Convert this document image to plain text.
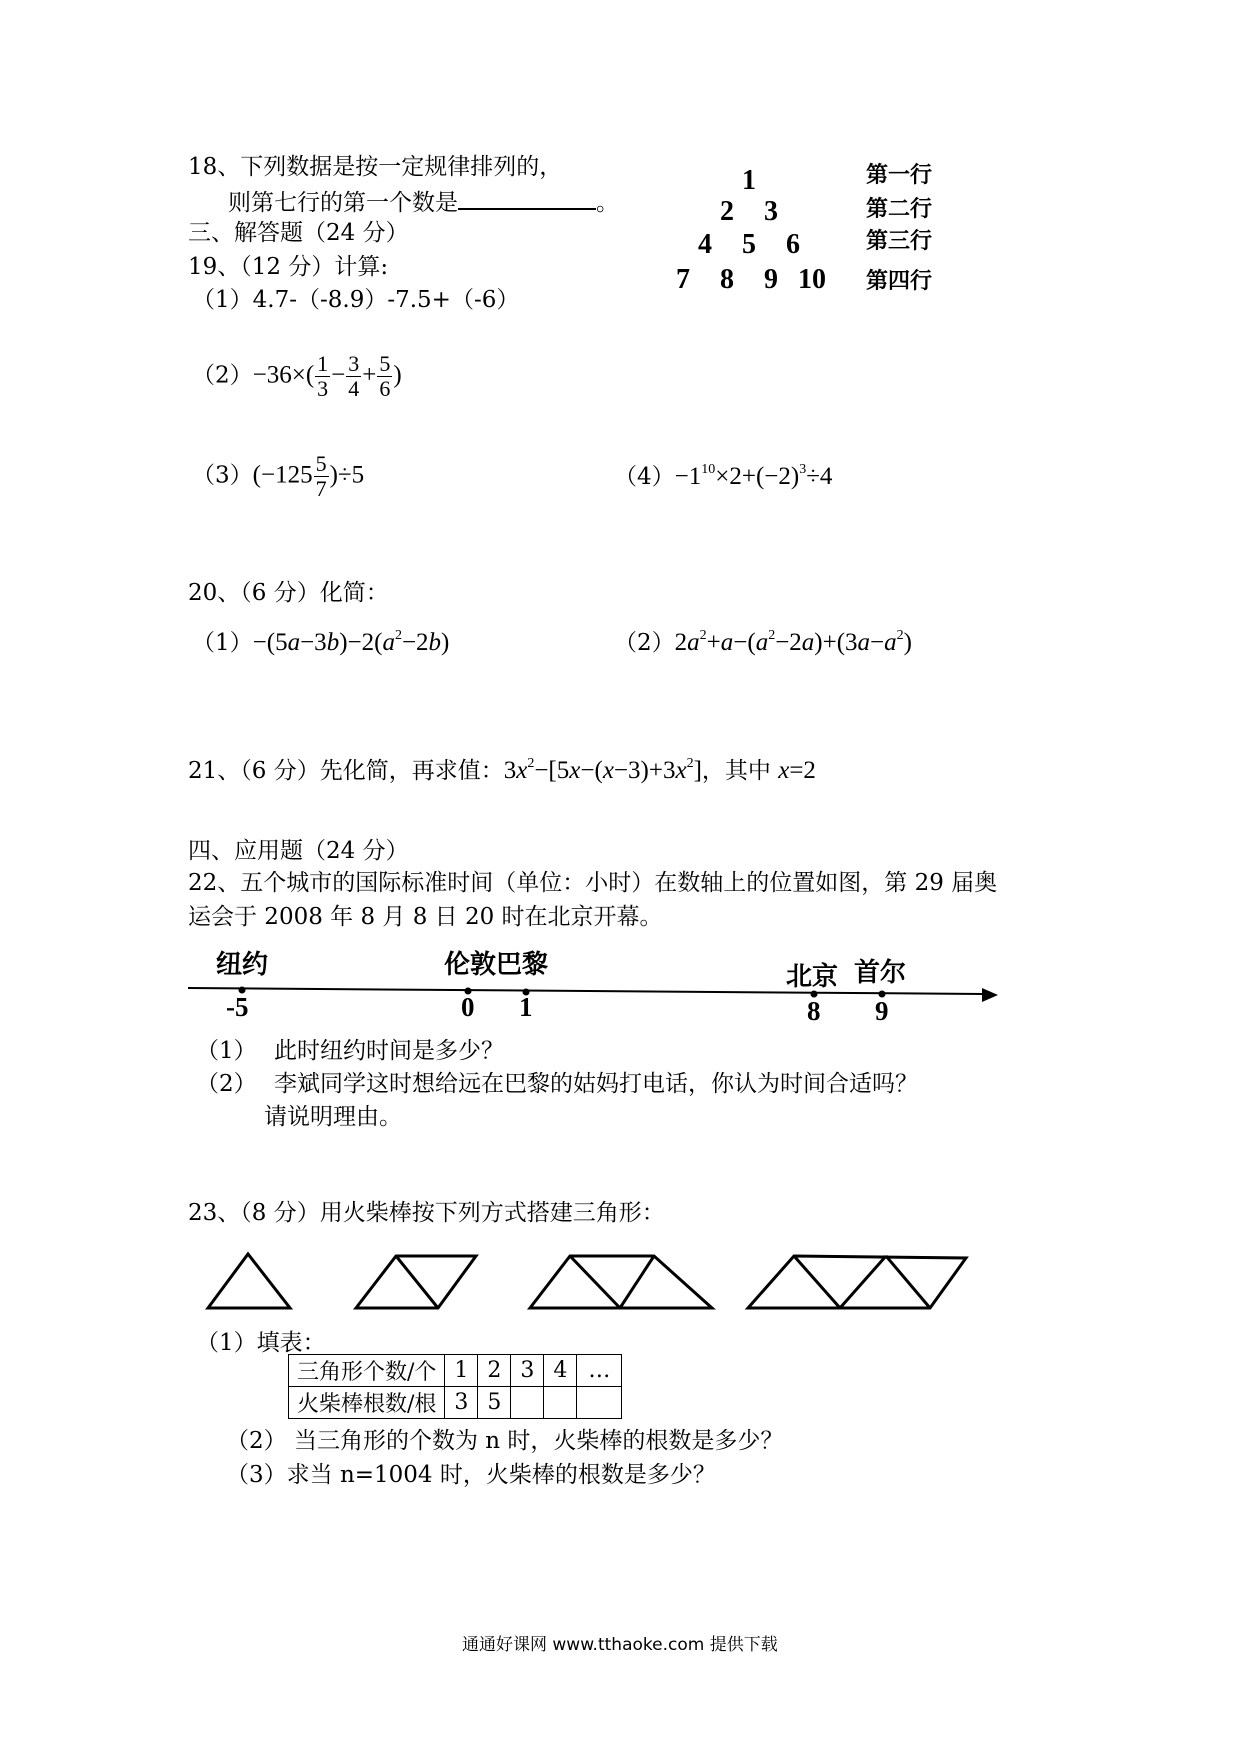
18、下列数据是按一定规律排列的，
则第七行的第一个数是	。
1
2 3
4 5 6
7 8 9 10
第一行
第二行
第三行
第四行
三、解答题（24 分）
19、（12 分）计算:
（1）4.7-（-8.9）-7.5+（-6）
$(2)-36\times( \frac{1}{3} - \frac{3}{4} + \frac{5}{6}$ )
$(3)(-125 \frac{5}{7} )\div 5$	$(4)-1^{10}\times 2+(-2)^3\div 4$
20、（6 分）化简：
$(1)-(5a-3b)-2(a^2-2b)$	$(2)2a^2+a-(a^2-2a)+(3a-a^2)$
21、（6 分）先化简，再求值：$3x^2-[5x-(x-3)+3x^2]$，其中 x=2
四、应用题（24 分）
22、五个城市的国际标准时间（单位：小时）在数轴上的位置如图，第 29 届奥
运会于 2008 年 8 月 8 日 20 时在北京开幕。
纽约	伦敦巴黎	北京 首尔
-5	0 1	8 9
（1） 此时纽约时间是多少？
（2） 李斌同学这时想给远在巴黎的姑妈打电话，你认为时间合适吗？
请说明理由。
23、（8 分）用火柴棒按下列方式搭建三角形：
（1）填表：
三角形个数/个	1	2	3	4	…
火柴棒根数/根	3	5			
（2） 当三角形的个数为 n 时，火柴棒的根数是多少？
（3）求当 n=1004 时，火柴棒的根数是多少？
通通好课网 www.tthaoke.com 提供下载
